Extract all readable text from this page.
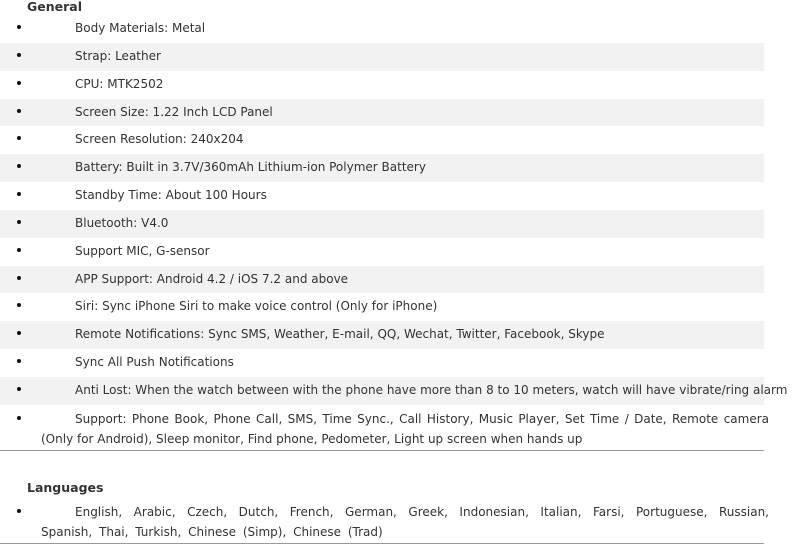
General
Body Materials: Metal
Strap: Leather
CPU: MTK2502
Screen Size: 1.22 Inch LCD Panel
Screen Resolution: 240x204
Battery: Built in 3.7V/360mAh Lithium-ion Polymer Battery
Standby Time: About 100 Hours
Bluetooth: V4.0
Support MIC, G-sensor
APP Support: Android 4.2 / iOS 7.2 and above
Siri: Sync iPhone Siri to make voice control (Only for iPhone)
Remote Notifications: Sync SMS, Weather, E-mail, QQ, Wechat, Twitter, Facebook, Skype
Sync All Push Notifications
Anti Lost: When the watch between with the phone have more than 8 to 10 meters, watch will have vibrate/ring alarm
Support: Phone Book, Phone Call, SMS, Time Sync., Call History, Music Player, Set Time / Date, Remote camera (Only for Android), Sleep monitor, Find phone, Pedometer, Light up screen when hands up
Languages
English, Arabic, Czech, Dutch, French, German, Greek, Indonesian, Italian, Farsi, Portuguese, Russian, Spanish, Thai, Turkish, Chinese (Simp), Chinese (Trad)
